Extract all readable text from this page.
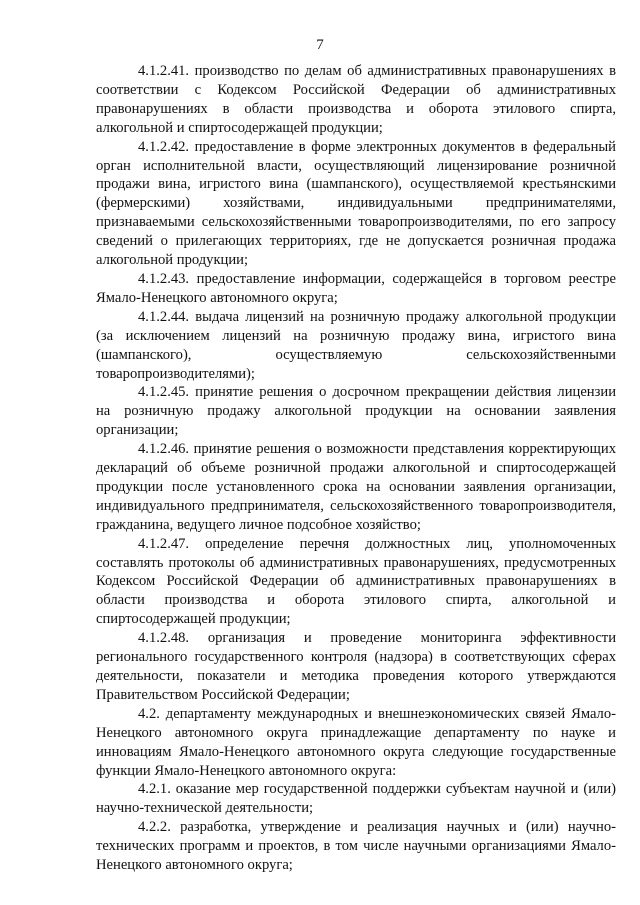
7

4.1.2.41. производство по делам об административных правонарушениях в соответствии с Кодексом Российской Федерации об административных правонарушениях в области производства и оборота этилового спирта, алкогольной и спиртосодержащей продукции;

4.1.2.42. предоставление в форме электронных документов в федеральный орган исполнительной власти, осуществляющий лицензирование розничной продажи вина, игристого вина (шампанского), осуществляемой крестьянскими (фермерскими) хозяйствами, индивидуальными предпринимателями, признаваемыми сельскохозяйственными товаропроизводителями, по его запросу сведений о прилегающих территориях, где не допускается розничная продажа алкогольной продукции;

4.1.2.43. предоставление информации, содержащейся в торговом реестре Ямало-Ненецкого автономного округа;

4.1.2.44. выдача лицензий на розничную продажу алкогольной продукции (за исключением лицензий на розничную продажу вина, игристого вина (шампанского), осуществляемую сельскохозяйственными товаропроизводителями);

4.1.2.45. принятие решения о досрочном прекращении действия лицензии на розничную продажу алкогольной продукции на основании заявления организации;

4.1.2.46. принятие решения о возможности представления корректирующих деклараций об объеме розничной продажи алкогольной и спиртосодержащей продукции после установленного срока на основании заявления организации, индивидуального предпринимателя, сельскохозяйственного товаропроизводителя, гражданина, ведущего личное подсобное хозяйство;

4.1.2.47. определение перечня должностных лиц, уполномоченных составлять протоколы об административных правонарушениях, предусмотренных Кодексом Российской Федерации об административных правонарушениях в области производства и оборота этилового спирта, алкогольной и спиртосодержащей продукции;

4.1.2.48. организация и проведение мониторинга эффективности регионального государственного контроля (надзора) в соответствующих сферах деятельности, показатели и методика проведения которого утверждаются Правительством Российской Федерации;

4.2. департаменту международных и внешнеэкономических связей Ямало-Ненецкого автономного округа принадлежащие департаменту по науке и инновациям Ямало-Ненецкого автономного округа следующие государственные функции Ямало-Ненецкого автономного округа:

4.2.1. оказание мер государственной поддержки субъектам научной и (или) научно-технической деятельности;

4.2.2. разработка, утверждение и реализация научных и (или) научно-технических программ и проектов, в том числе научными организациями Ямало-Ненецкого автономного округа;
